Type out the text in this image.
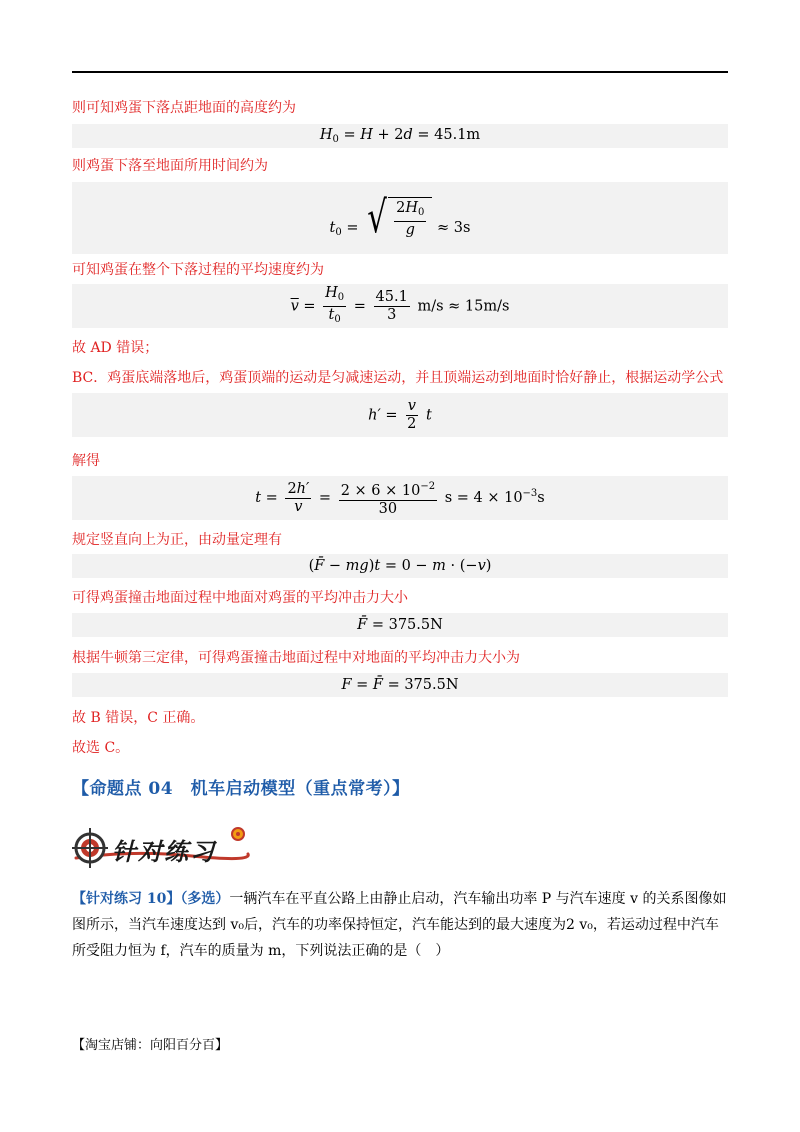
则可知鸡蛋下落点距地面的高度约为
$H_0 = H + 2d = 45.1m$
则鸡蛋下落至地面所用时间约为
$t_0$ = √ $\frac{2H_0}{g} \approx 3s$
可知鸡蛋在整个下落过程的平均速度约为
$\overline{v} = \frac{H_0}{t_0} = \frac{45.1}{3} m/s \approx 15m/s$
故 AD 错误；
BC．鸡蛋底端落地后，鸡蛋顶端的运动是匀减速运动，并且顶端运动到地面时恰好静止，根据运动学公式
$h' = \frac{v}{2}$ t
解得
$t = \frac{2h'}{v} = \frac{2 \times 6 \times 10^{-2}}{30}$ $s = 4 \times 10^{-3}s$
规定竖直向上为正，由动量定理有
(F̄ − mg)t = 0 − m · (−v)
可得鸡蛋撞击地面过程中地面对鸡蛋的平均冲击力大小
F̄ = 375.5N
根据牛顿第三定律，可得鸡蛋撞击地面过程中对地面的平均冲击力大小为
F = F̄ = 375.5N
故 B 错误，C 正确。
故选 C。
【命题点 04　机车启动模型（重点常考）】
针对练习
【针对练习 10】（多选）一辆汽车在平直公路上由静止启动，汽车输出功率 P 与汽车速度 v 的关系图像如图所示，当汽车速度达到 v₀后，汽车的功率保持恒定，汽车能达到的最大速度为2 v₀，若运动过程中汽车所受阻力恒为 f，汽车的质量为 m，下列说法正确的是（　）
【淘宝店铺：向阳百分百】
